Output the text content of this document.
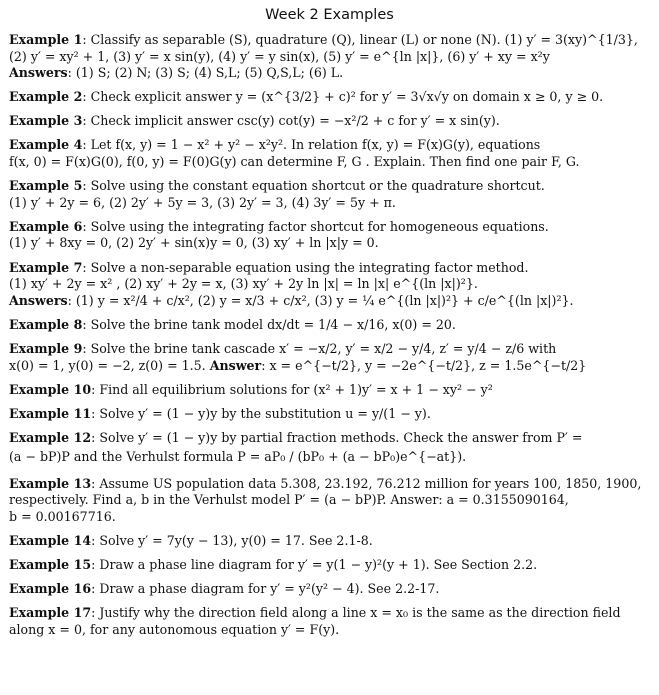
Week 2 Examples
Example 1: Classify as separable (S), quadrature (Q), linear (L) or none (N). (1) y′ = 3(xy)^{1/3},
(2) y′ = xy² + 1, (3) y′ = x sin(y), (4) y′ = y sin(x), (5) y′ = e^{ln |x|}, (6) y′ + xy = x²y
Answers: (1) S; (2) N; (3) S; (4) S,L; (5) Q,S,L; (6) L.
Example 2: Check explicit answer y = (x^{3/2} + c)² for y′ = 3√x√y on domain x ≥ 0, y ≥ 0.
Example 3: Check implicit answer csc(y) cot(y) = −x²/2 + c for y′ = x sin(y).
Example 4: Let f(x, y) = 1 − x² + y² − x²y². In relation f(x, y) = F(x)G(y), equations
f(x, 0) = F(x)G(0), f(0, y) = F(0)G(y) can determine F, G . Explain. Then find one pair F, G.
Example 5: Solve using the constant equation shortcut or the quadrature shortcut.
(1) y′ + 2y = 6, (2) 2y′ + 5y = 3, (3) 2y′ = 3, (4) 3y′ = 5y + π.
Example 6: Solve using the integrating factor shortcut for homogeneous equations.
(1) y′ + 8xy = 0, (2) 2y′ + sin(x)y = 0, (3) xy′ + ln |x|y = 0.
Example 7: Solve a non-separable equation using the integrating factor method.
(1) xy′ + 2y = x² , (2) xy′ + 2y = x, (3) xy′ + 2y ln |x| = ln |x| e^{(ln |x|)²}.
Answers: (1) y = x²/4 + c/x², (2) y = x/3 + c/x², (3) y = ¼ e^{(ln |x|)²} + c/e^{(ln |x|)²}.
Example 8: Solve the brine tank model dx/dt = 1/4 − x/16, x(0) = 20.
Example 9: Solve the brine tank cascade x′ = −x/2, y′ = x/2 − y/4, z′ = y/4 − z/6 with
x(0) = 1, y(0) = −2, z(0) = 1.5. Answer: x = e^{−t/2}, y = −2e^{−t/2}, z = 1.5e^{−t/2}
Example 10: Find all equilibrium solutions for (x² + 1)y′ = x + 1 − xy² − y²
Example 11: Solve y′ = (1 − y)y by the substitution u = y/(1 − y).
Example 12: Solve y′ = (1 − y)y by partial fraction methods. Check the answer from P′ =
(a − bP)P and the Verhulst formula P = aP₀ / (bP₀ + (a − bP₀)e^{−at}).
Example 13: Assume US population data 5.308, 23.192, 76.212 million for years 100, 1850, 1900,
respectively. Find a, b in the Verhulst model P′ = (a − bP)P. Answer: a = 0.3155090164,
b = 0.00167716.
Example 14: Solve y′ = 7y(y − 13), y(0) = 17. See 2.1-8.
Example 15: Draw a phase line diagram for y′ = y(1 − y)²(y + 1). See Section 2.2.
Example 16: Draw a phase diagram for y′ = y²(y² − 4). See 2.2-17.
Example 17: Justify why the direction field along a line x = x₀ is the same as the direction field
along x = 0, for any autonomous equation y′ = F(y).
